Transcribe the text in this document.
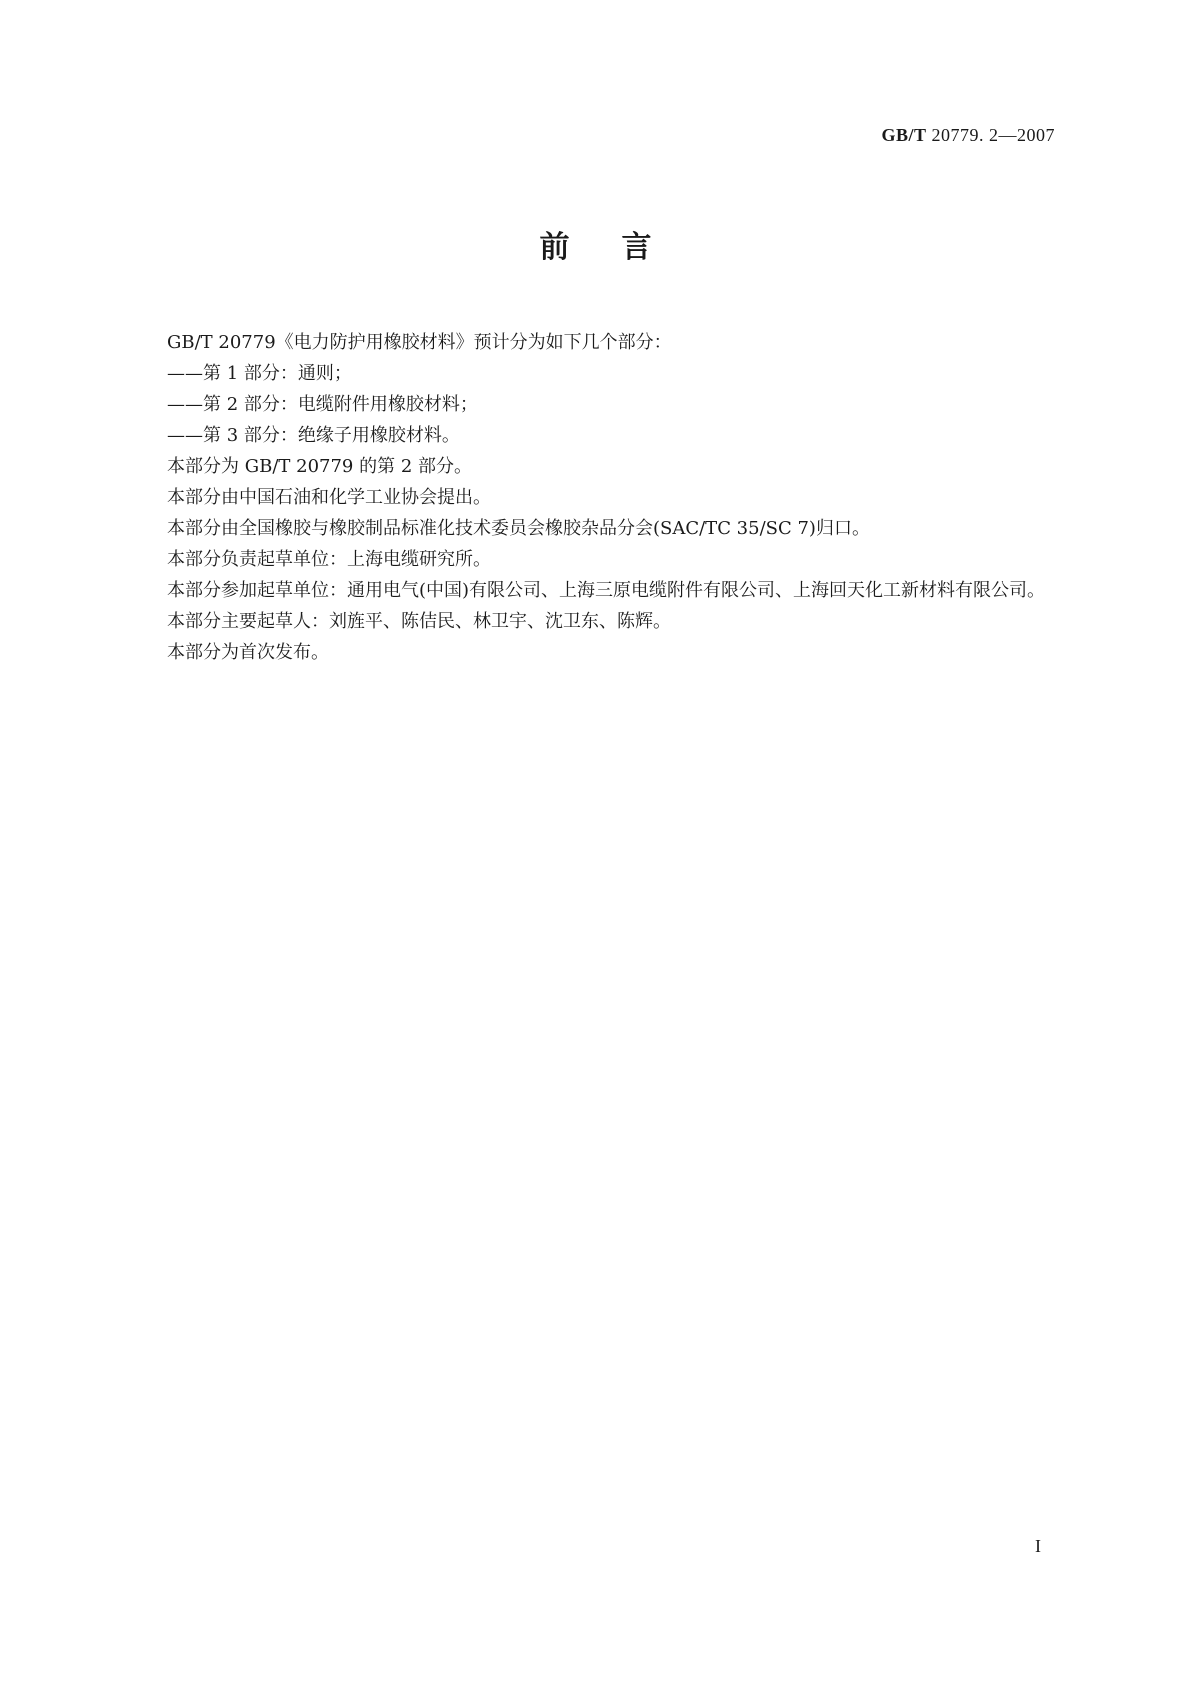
GB/T 20779. 2—2007
前言

GB/T 20779《电力防护用橡胶材料》预计分为如下几个部分：

——第 1 部分：通则；

——第 2 部分：电缆附件用橡胶材料；

——第 3 部分：绝缘子用橡胶材料。

本部分为 GB/T 20779 的第 2 部分。

本部分由中国石油和化学工业协会提出。

本部分由全国橡胶与橡胶制品标准化技术委员会橡胶杂品分会(SAC/TC 35/SC 7)归口。

本部分负责起草单位：上海电缆研究所。

本部分参加起草单位：通用电气(中国)有限公司、上海三原电缆附件有限公司、上海回天化工新材料有限公司。

本部分主要起草人：刘旌平、陈佶民、林卫宇、沈卫东、陈辉。

本部分为首次发布。

I
